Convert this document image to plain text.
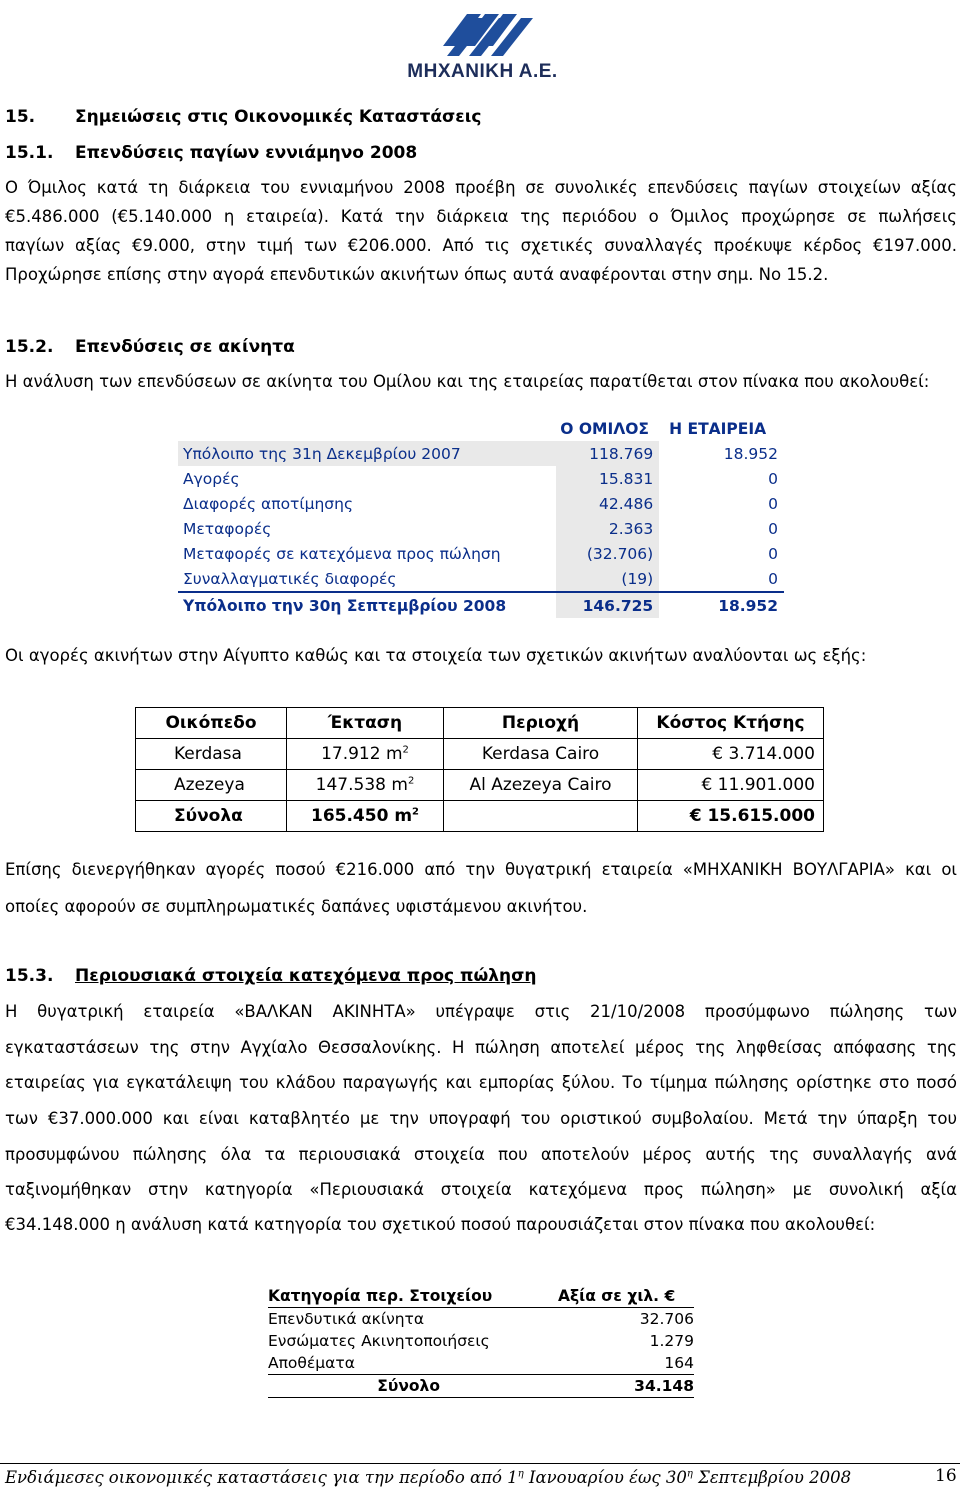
ΜΗΧΑΝΙΚΗ Α.Ε.
15. Σημειώσεις στις Οικονομικές Καταστάσεις
15.1. Επενδύσεις παγίων εννιάμηνο 2008
Ο Όμιλος κατά τη διάρκεια του εννιαμήνου 2008 προέβη σε συνολικές επενδύσεις παγίων στοιχείων αξίας
€5.486.000 (€5.140.000 η εταιρεία). Κατά την διάρκεια της περιόδου ο Όμιλος προχώρησε σε πωλήσεις
παγίων αξίας €9.000, στην τιμή των €206.000. Από τις σχετικές συναλλαγές προέκυψε κέρδος €197.000.
Προχώρησε επίσης στην αγορά επενδυτικών ακινήτων όπως αυτά αναφέρονται στην σημ. Νο 15.2.
15.2. Επενδύσεις σε ακίνητα
Η ανάλυση των επενδύσεων σε ακίνητα του Ομίλου και της εταιρείας παρατίθεται στον πίνακα που ακολουθεί:
Ο ΟΜΙΛΟΣ	Η ΕΤΑΙΡΕΙΑ
Υπόλοιπο της 31η Δεκεμβρίου 2007	118.769	18.952
Αγορές	15.831	0
Διαφορές αποτίμησης	42.486	0
Μεταφορές	2.363	0
Μεταφορές σε κατεχόμενα προς πώληση	(32.706)	0
Συναλλαγματικές διαφορές	(19)	0
Υπόλοιπο την 30η Σεπτεμβρίου 2008	146.725	18.952
Οι αγορές ακινήτων στην Αίγυπτο καθώς και τα στοιχεία των σχετικών ακινήτων αναλύονται ως εξής:
Οικόπεδο	Έκταση	Περιοχή	Κόστος Κτήσης
Kerdasa	17.912 $m^2$	Kerdasa Cairo	€ 3.714.000
Azezeya	147.538 $m^2$	Al Azezeya Cairo	€ 11.901.000
Σύνολα	165.450 $m^2$		€ 15.615.000
Επίσης διενεργήθηκαν αγορές ποσού €216.000 από την θυγατρική εταιρεία «ΜΗΧΑΝΙΚΗ ΒΟΥΛΓΑΡΙΑ» και οι
οποίες αφορούν σε συμπληρωματικές δαπάνες υφιστάμενου ακινήτου.
15.3. Περιουσιακά στοιχεία κατεχόμενα προς πώληση
Η θυγατρική εταιρεία «ΒΑΛΚΑΝ ΑΚΙΝΗΤΑ» υπέγραψε στις 21/10/2008 προσύμφωνο πώλησης των
εγκαταστάσεων της στην Αγχίαλο Θεσσαλονίκης. Η πώληση αποτελεί μέρος της ληφθείσας απόφασης της
εταιρείας για εγκατάλειψη του κλάδου παραγωγής και εμπορίας ξύλου. Το τίμημα πώλησης ορίστηκε στο ποσό
των €37.000.000 και είναι καταβλητέο με την υπογραφή του οριστικού συμβολαίου. Μετά την ύπαρξη του
προσυμφώνου πώλησης όλα τα περιουσιακά στοιχεία που αποτελούν μέρος αυτής της συναλλαγής ανά
ταξινομήθηκαν στην κατηγορία «Περιουσιακά στοιχεία κατεχόμενα προς πώληση» με συνολική αξία
€34.148.000 η ανάλυση κατά κατηγορία του σχετικού ποσού παρουσιάζεται στον πίνακα που ακολουθεί:
Κατηγορία περ. Στοιχείου	Αξία σε χιλ. €
Επενδυτικά ακίνητα	32.706
Ενσώματες Ακινητοποιήσεις	1.279
Αποθέματα	164
Σύνολο	34.148
Ενδιάμεσες οικονομικές καταστάσεις για την περίοδο από $1^\eta$ Ιανουαρίου έως $30^\eta$ Σεπτεμβρίου 2008	16
